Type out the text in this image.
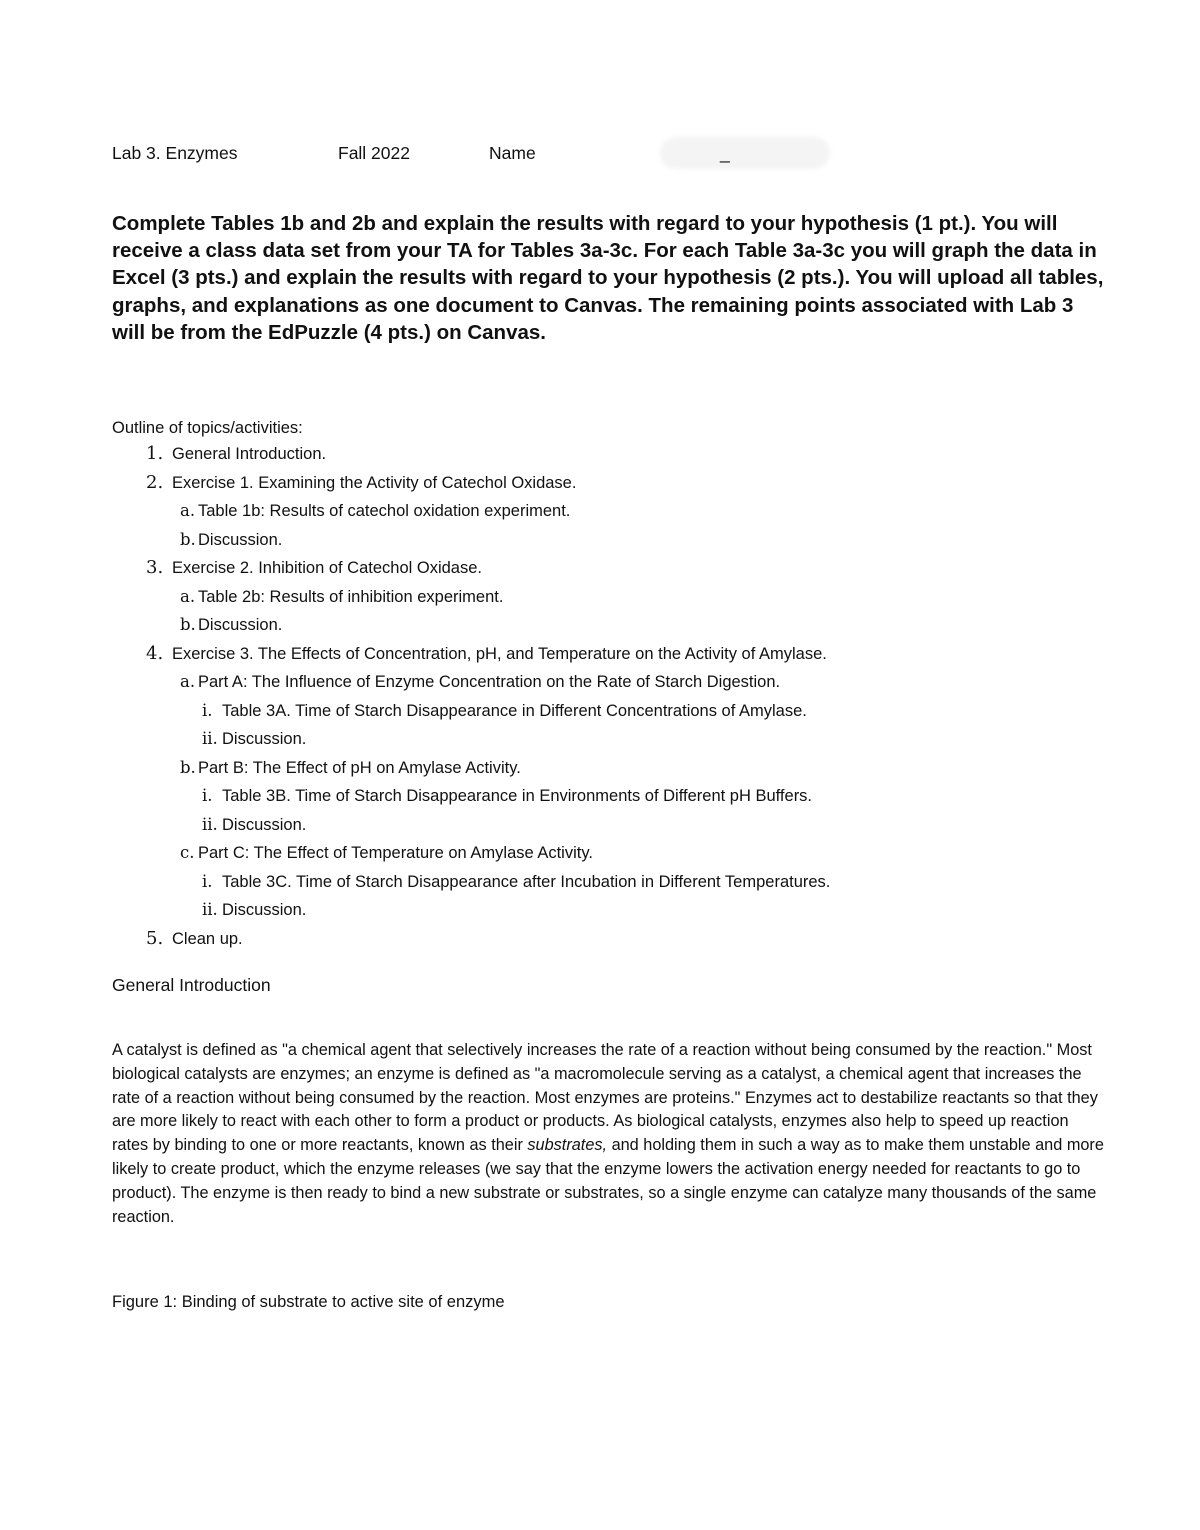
Lab 3. Enzymes	Fall 2022	Name	_

Complete Tables 1b and 2b and explain the results with regard to your hypothesis (1 pt.). You will receive a class data set from your TA for Tables 3a-3c. For each Table 3a-3c you will graph the data in Excel (3 pts.) and explain the results with regard to your hypothesis (2 pts.). You will upload all tables, graphs, and explanations as one document to Canvas. The remaining points associated with Lab 3 will be from the EdPuzzle (4 pts.) on Canvas.

Outline of topics/activities:
1. General Introduction.
2. Exercise 1. Examining the Activity of Catechol Oxidase.
a. Table 1b: Results of catechol oxidation experiment.
b. Discussion.
3. Exercise 2. Inhibition of Catechol Oxidase.
a. Table 2b: Results of inhibition experiment.
b. Discussion.
4. Exercise 3. The Effects of Concentration, pH, and Temperature on the Activity of Amylase.
a. Part A: The Influence of Enzyme Concentration on the Rate of Starch Digestion.
i. Table 3A. Time of Starch Disappearance in Different Concentrations of Amylase.
ii. Discussion.
b. Part B: The Effect of pH on Amylase Activity.
i. Table 3B. Time of Starch Disappearance in Environments of Different pH Buffers.
ii. Discussion.
c. Part C: The Effect of Temperature on Amylase Activity.
i. Table 3C. Time of Starch Disappearance after Incubation in Different Temperatures.
ii. Discussion.
5. Clean up.
General Introduction

A catalyst is defined as "a chemical agent that selectively increases the rate of a reaction without being consumed by the reaction." Most biological catalysts are enzymes; an enzyme is defined as "a macromolecule serving as a catalyst, a chemical agent that increases the rate of a reaction without being consumed by the reaction. Most enzymes are proteins." Enzymes act to destabilize reactants so that they are more likely to react with each other to form a product or products. As biological catalysts, enzymes also help to speed up reaction rates by binding to one or more reactants, known as their substrates, and holding them in such a way as to make them unstable and more likely to create product, which the enzyme releases (we say that the enzyme lowers the activation energy needed for reactants to go to product). The enzyme is then ready to bind a new substrate or substrates, so a single enzyme can catalyze many thousands of the same reaction.

Figure 1: Binding of substrate to active site of enzyme
